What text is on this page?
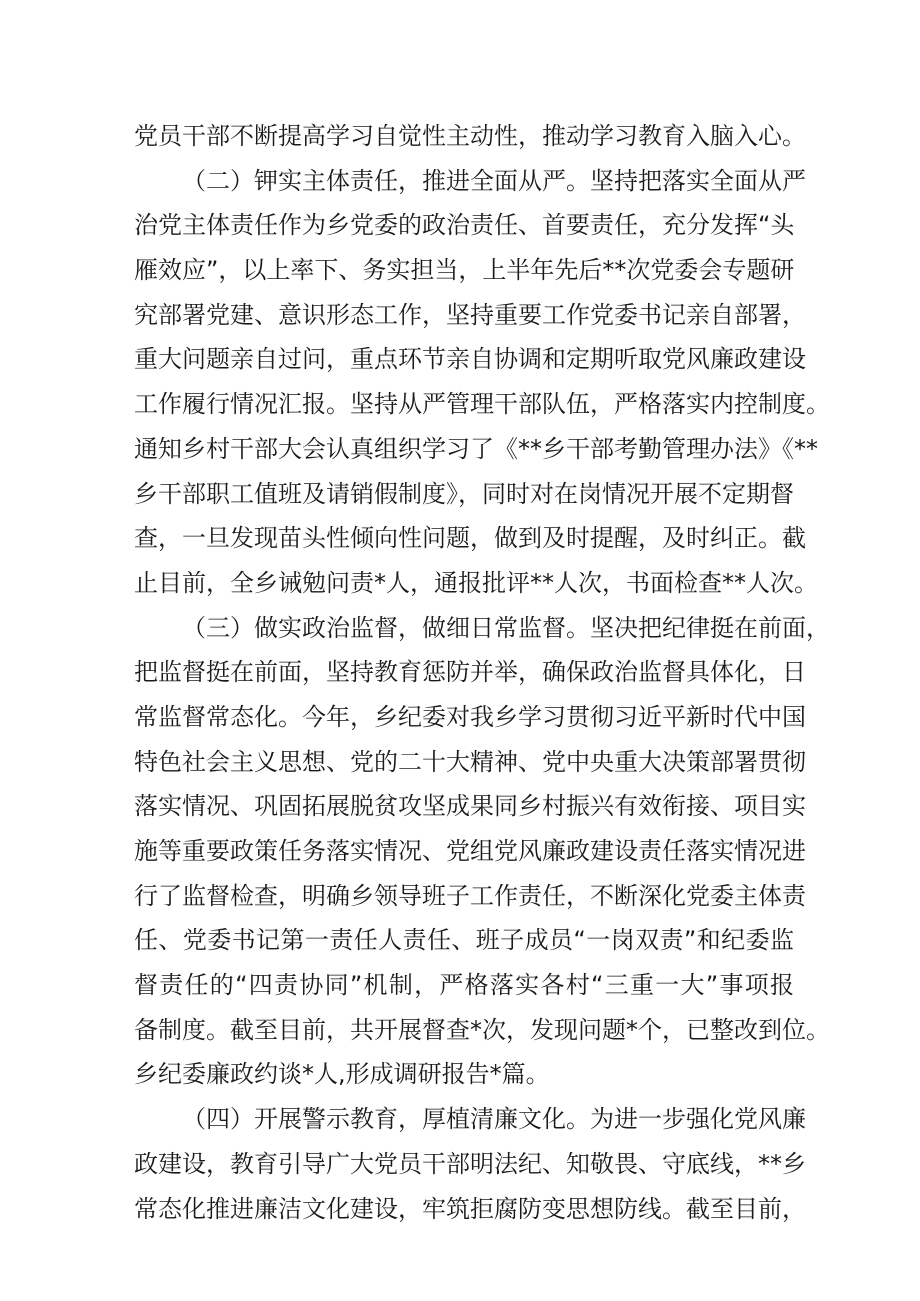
党员干部不断提高学习自觉性主动性，推动学习教育入脑入心。
（二）钾实主体责任，推进全面从严。坚持把落实全面从严
治党主体责任作为乡党委的政治责任、首要责任，充分发挥“头
雁效应”，以上率下、务实担当，上半年先后**次党委会专题研
究部署党建、意识形态工作，坚持重要工作党委书记亲自部署，
重大问题亲自过问，重点环节亲自协调和定期听取党风廉政建设
工作履行情况汇报。坚持从严管理干部队伍，严格落实内控制度。
通知乡村干部大会认真组织学习了《**乡干部考勤管理办法》《**
乡干部职工值班及请销假制度》，同时对在岗情况开展不定期督
查，一旦发现苗头性倾向性问题，做到及时提醒，及时纠正。截
止目前，全乡诫勉问责*人，通报批评**人次，书面检查**人次。
（三）做实政治监督，做细日常监督。坚决把纪律挺在前面，
把监督挺在前面，坚持教育惩防并举，确保政治监督具体化，日
常监督常态化。今年，乡纪委对我乡学习贯彻习近平新时代中国
特色社会主义思想、党的二十大精神、党中央重大决策部署贯彻
落实情况、巩固拓展脱贫攻坚成果同乡村振兴有效衔接、项目实
施等重要政策任务落实情况、党组党风廉政建设责任落实情况进
行了监督检查，明确乡领导班子工作责任，不断深化党委主体责
任、党委书记第一责任人责任、班子成员“一岗双责”和纪委监
督责任的“四责协同”机制，严格落实各村“三重一大”事项报
备制度。截至目前，共开展督查*次，发现问题*个，已整改到位。
乡纪委廉政约谈*人,形成调研报告*篇。
（四）开展警示教育，厚植清廉文化。为进一步强化党风廉
政建设，教育引导广大党员干部明法纪、知敬畏、守底线，**乡
常态化推进廉洁文化建设，牢筑拒腐防变思想防线。截至目前，
